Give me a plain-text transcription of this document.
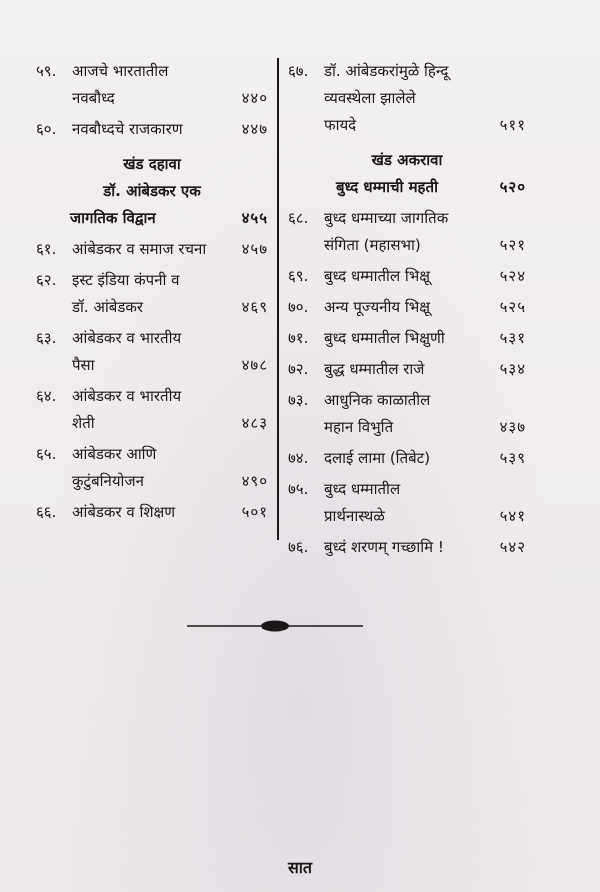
५९. आजचे भारतातील
नवबौध्द	४४०
६०. नवबौध्दचे राजकारण	४४७
खंड दहावा
डॉ. आंबेडकर एक
जागतिक विद्वान	४५५
६१. आंबेडकर व समाज रचना ४५७
६२. इस्ट इंडिया कंपनी व
डॉ. आंबेडकर	४६९
६३. आंबेडकर व भारतीय
पैसा	४७८
६४. आंबेडकर व भारतीय
शेती	४८३
६५. आंबेडकर आणि
कुटुंबनियोजन	४९०
६६. आंबेडकर व शिक्षण	५०१
६७. डॉ. आंबेडकरांमुळे हिन्दू
व्यवस्थेला झालेले
फायदे	५११
खंड अकरावा
बुध्द धम्माची महती	५२०
६८. बुध्द धम्माच्या जागतिक
संगिता (महासभा)	५२१
६९. बुध्द धम्मातील भिक्षू	५२४
७०. अन्य पूज्यनीय भिक्षू	५२५
७१. बुध्द धम्मातील भिक्षुणी	५३१
७२. बुद्ध धम्मातील राजे	५३४
७३. आधुनिक काळातील
महान विभुति	४३७
७४. दलाई लामा (तिबेट)	५३९
७५. बुध्द धम्मातील
प्रार्थनास्थळे	५४१
७६. बुध्दं शरणम् गच्छामि !	५४२
सात
